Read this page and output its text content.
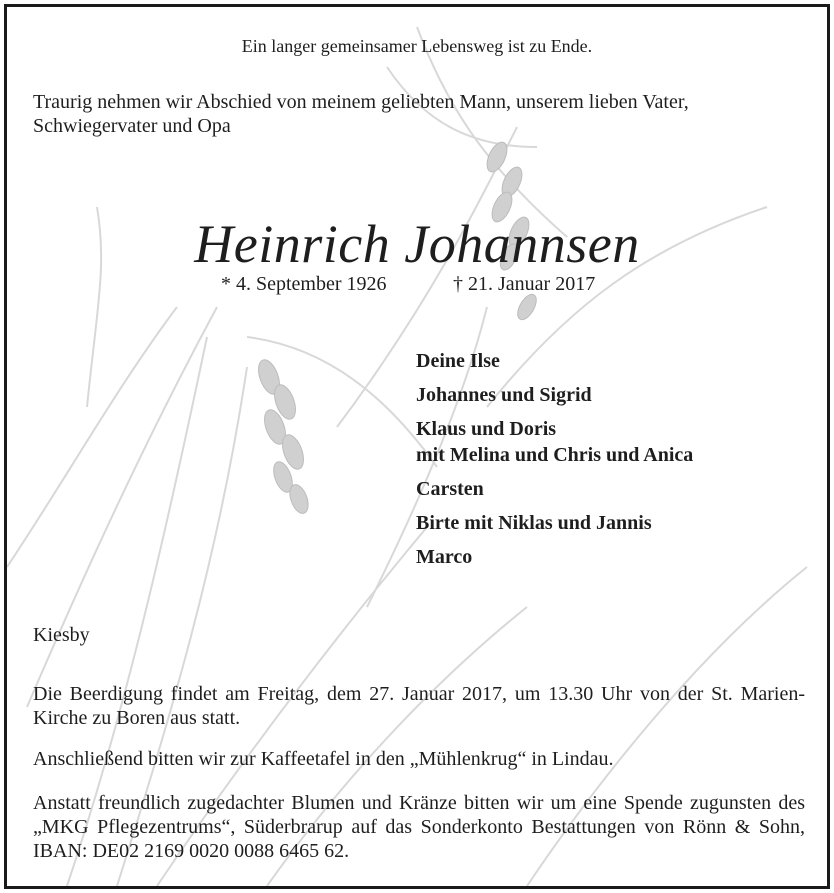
Ein langer gemeinsamer Lebensweg ist zu Ende.
Traurig nehmen wir Abschied von meinem geliebten Mann, unserem lieben Vater, Schwiegervater und Opa
Heinrich Johannsen
* 4. September 1926	† 21. Januar 2017
Deine Ilse
Johannes und Sigrid
Klaus und Doris
mit Melina und Chris und Anica
Carsten
Birte mit Niklas und Jannis
Marco
Kiesby
Die Beerdigung findet am Freitag, dem 27. Januar 2017, um 13.30 Uhr von der St. Marien-Kirche zu Boren aus statt.
Anschließend bitten wir zur Kaffeetafel in den „Mühlenkrug“ in Lindau.
Anstatt freundlich zugedachter Blumen und Kränze bitten wir um eine Spende zugunsten des „MKG Pflegezentrums“, Süderbrarup auf das Sonderkonto Bestattungen von Rönn & Sohn, IBAN: DE02 2169 0020 0088 6465 62.
